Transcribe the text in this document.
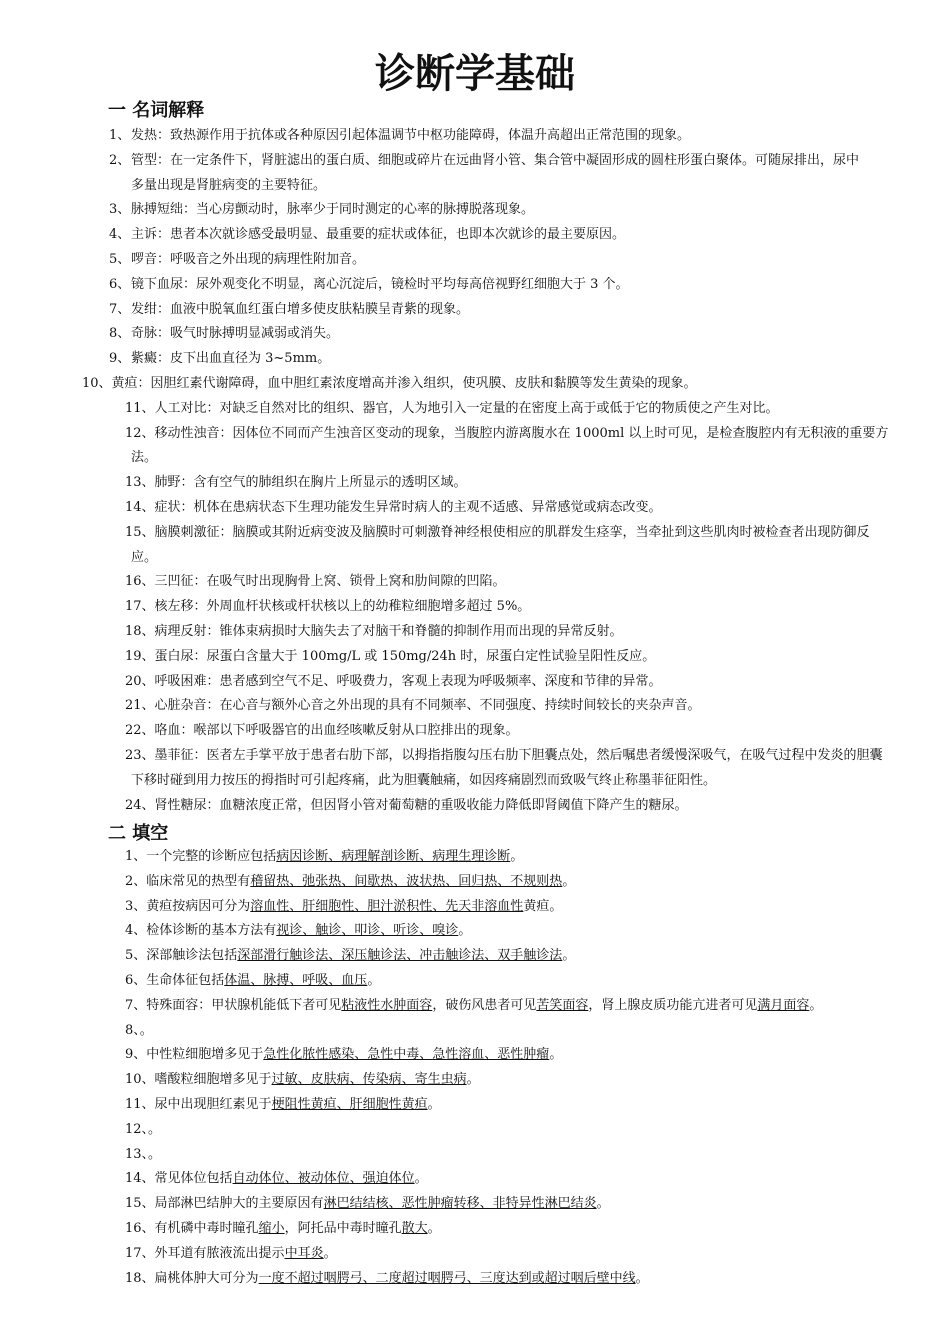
诊断学基础
一 名词解释
1、 发热：致热源作用于抗体或各种原因引起体温调节中枢功能障碍，体温升高超出正常范围的现象。
2、 管型：在一定条件下，肾脏滤出的蛋白质、细胞或碎片在远曲肾小管、集合管中凝固形成的圆柱形蛋白聚体。可随尿排出，尿中
多量出现是肾脏病变的主要特征。
3、 脉搏短绌：当心房颤动时，脉率少于同时测定的心率的脉搏脱落现象。
4、 主诉：患者本次就诊感受最明显、最重要的症状或体征，也即本次就诊的最主要原因。
5、 啰音：呼吸音之外出现的病理性附加音。
6、 镜下血尿：尿外观变化不明显，离心沉淀后，镜检时平均每高倍视野红细胞大于 3 个。
7、 发绀：血液中脱氧血红蛋白增多使皮肤粘膜呈青紫的现象。
8、 奇脉：吸气时脉搏明显减弱或消失。
9、 紫癜：皮下出血直径为 3~5mm。
10、黄疸：因胆红素代谢障碍，血中胆红素浓度增高并渗入组织，使巩膜、皮肤和黏膜等发生黄染的现象。
11、人工对比：对缺乏自然对比的组织、器官，人为地引入一定量的在密度上高于或低于它的物质使之产生对比。
12、移动性浊音：因体位不同而产生浊音区变动的现象，当腹腔内游离腹水在 1000ml 以上时可见，是检查腹腔内有无积液的重要方
法。
13、肺野：含有空气的肺组织在胸片上所显示的透明区域。
14、症状：机体在患病状态下生理功能发生异常时病人的主观不适感、异常感觉或病态改变。
15、脑膜刺激征：脑膜或其附近病变波及脑膜时可刺激脊神经根使相应的肌群发生痉挛，当牵扯到这些肌肉时被检查者出现防御反
应。
16、三凹征：在吸气时出现胸骨上窝、锁骨上窝和肋间隙的凹陷。
17、核左移：外周血杆状核或杆状核以上的幼稚粒细胞增多超过 5%。
18、病理反射：锥体束病损时大脑失去了对脑干和脊髓的抑制作用而出现的异常反射。
19、蛋白尿：尿蛋白含量大于 100mg/L 或 150mg/24h 时，尿蛋白定性试验呈阳性反应。
20、呼吸困难：患者感到空气不足、呼吸费力，客观上表现为呼吸频率、深度和节律的异常。
21、心脏杂音：在心音与额外心音之外出现的具有不同频率、不同强度、持续时间较长的夹杂声音。
22、咯血：喉部以下呼吸器官的出血经咳嗽反射从口腔排出的现象。
23、墨菲征：医者左手掌平放于患者右肋下部，以拇指指腹勾压右肋下胆囊点处，然后嘱患者缓慢深吸气，在吸气过程中发炎的胆囊
下移时碰到用力按压的拇指时可引起疼痛，此为胆囊触痛，如因疼痛剧烈而致吸气终止称墨菲征阳性。
24、肾性糖尿：血糖浓度正常，但因肾小管对葡萄糖的重吸收能力降低即肾阈值下降产生的糖尿。
二 填空
1、一个完整的诊断应包括病因诊断、病理解剖诊断、病理生理诊断。
2、临床常见的热型有稽留热、弛张热、间歇热、波状热、回归热、不规则热。
3、黄疸按病因可分为溶血性、肝细胞性、胆汁淤积性、先天非溶血性黄疸。
4、检体诊断的基本方法有视诊、触诊、叩诊、听诊、嗅诊。
5、深部触诊法包括深部滑行触诊法、深压触诊法、冲击触诊法、双手触诊法。
6、生命体征包括体温、脉搏、呼吸、血压。
7、特殊面容：甲状腺机能低下者可见粘液性水肿面容，破伤风患者可见苦笑面容，肾上腺皮质功能亢进者可见满月面容。
8、。
9、中性粒细胞增多见于急性化脓性感染、急性中毒、急性溶血、恶性肿瘤。
10、嗜酸粒细胞增多见于过敏、皮肤病、传染病、寄生虫病。
11、尿中出现胆红素见于梗阻性黄疸、肝细胞性黄疸。
12、。
13、。
14、常见体位包括自动体位、被动体位、强迫体位。
15、局部淋巴结肿大的主要原因有淋巴结结核、恶性肿瘤转移、非特异性淋巴结炎。
16、有机磷中毒时瞳孔缩小，阿托品中毒时瞳孔散大。
17、外耳道有脓液流出提示中耳炎。
18、扁桃体肿大可分为一度不超过咽腭弓、二度超过咽腭弓、三度达到或超过咽后壁中线。
